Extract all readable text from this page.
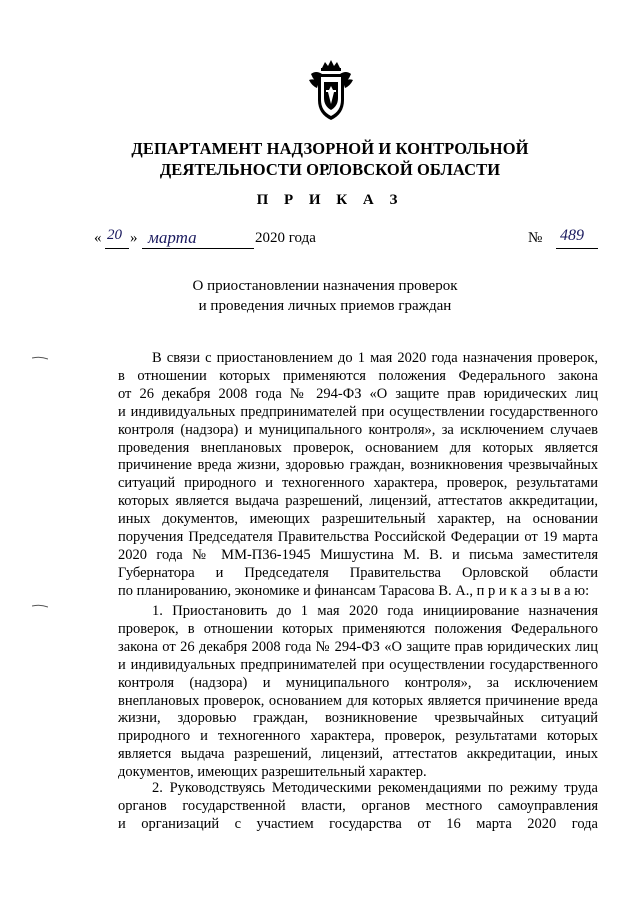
ДЕПАРТАМЕНТ НАДЗОРНОЙ И КОНТРОЛЬНОЙ
ДЕЯТЕЛЬНОСТИ ОРЛОВСКОЙ ОБЛАСТИ
П Р И К А З
« 20 » марта	2020 года	№ 489
О приостановлении назначения проверок
и проведения личных приемов граждан

В связи с приостановлением до 1 мая 2020 года назначения проверок,

в отношении которых применяются положения Федерального закона

от 26 декабря 2008 года № 294-ФЗ «О защите прав юридических лиц

и индивидуальных предпринимателей при осуществлении государственного

контроля (надзора) и муниципального контроля», за исключением случаев

проведения внеплановых проверок, основанием для которых является

причинение вреда жизни, здоровью граждан, возникновения чрезвычайных

ситуаций природного и техногенного характера, проверок, результатами

которых является выдача разрешений, лицензий, аттестатов аккредитации,

иных документов, имеющих разрешительный характер, на основании

поручения Председателя Правительства Российской Федерации от 19 марта

2020 года № ММ-П36-1945 Мишустина М. В. и письма заместителя

Губернатора и Председателя Правительства Орловской области

по планированию, экономике и финансам Тарасова В. А., п р и к а з ы в а ю:

1. Приостановить до 1 мая 2020 года инициирование назначения

проверок, в отношении которых применяются положения Федерального

закона от 26 декабря 2008 года № 294-ФЗ «О защите прав юридических лиц

и индивидуальных предпринимателей при осуществлении государственного

контроля (надзора) и муниципального контроля», за исключением

внеплановых проверок, основанием для которых является причинение вреда

жизни, здоровью граждан, возникновение чрезвычайных ситуаций

природного и техногенного характера, проверок, результатами которых

является выдача разрешений, лицензий, аттестатов аккредитации, иных

документов, имеющих разрешительный характер.

2. Руководствуясь Методическими рекомендациями по режиму труда

органов государственной власти, органов местного самоуправления

и организаций с участием государства от 16 марта 2020 года
